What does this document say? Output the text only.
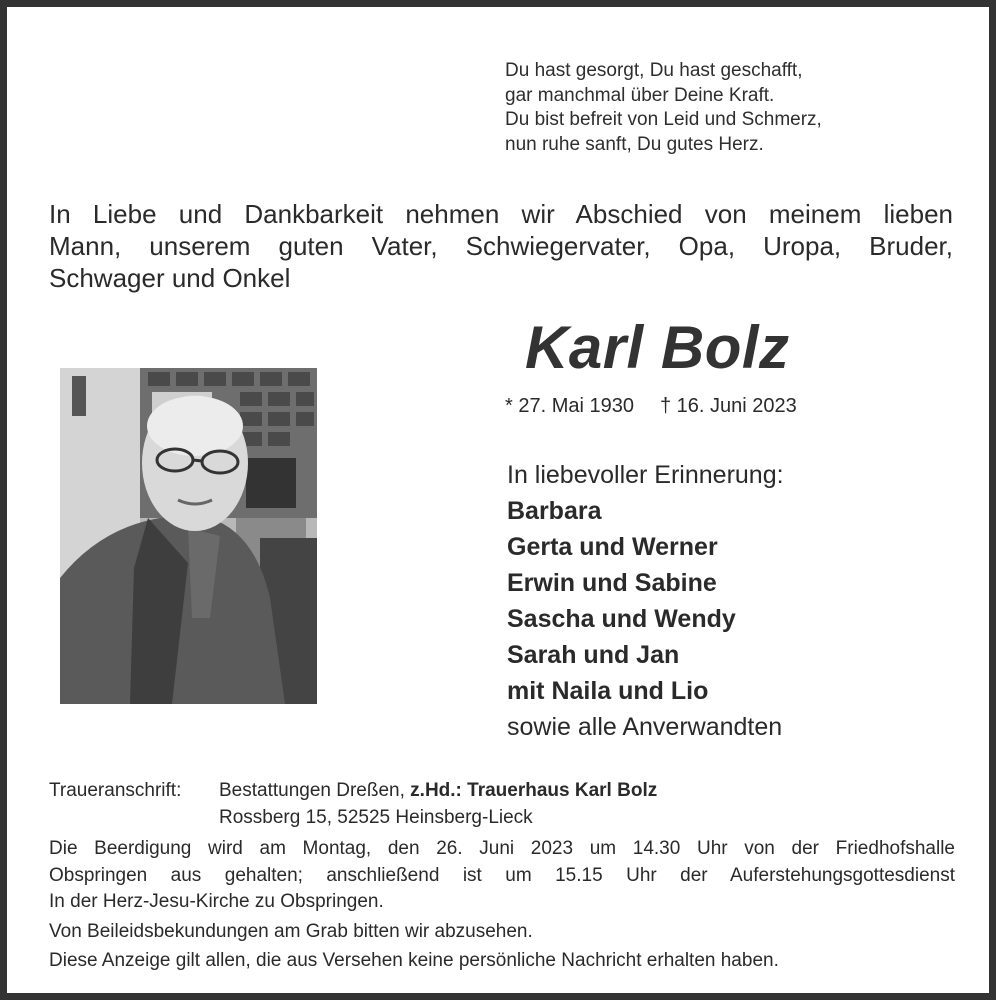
Du hast gesorgt, Du hast geschafft,
gar manchmal über Deine Kraft.
Du bist befreit von Leid und Schmerz,
nun ruhe sanft, Du gutes Herz.
In Liebe und Dankbarkeit nehmen wir Abschied von meinem lieben
Mann, unserem guten Vater, Schwiegervater, Opa, Uropa, Bruder,
Schwager und Onkel
Karl Bolz
* 27. Mai 1930 † 16. Juni 2023
In liebevoller Erinnerung:
Barbara
Gerta und Werner
Erwin und Sabine
Sascha und Wendy
Sarah und Jan
mit Naila und Lio
sowie alle Anverwandten
Traueranschrift: Bestattungen Dreßen, z.Hd.: Trauerhaus Karl Bolz
Rossberg 15, 52525 Heinsberg-Lieck
Die Beerdigung wird am Montag, den 26. Juni 2023 um 14.30 Uhr von der Friedhofshalle
Obspringen aus gehalten; anschließend ist um 15.15 Uhr der Auferstehungsgottesdienst
In der Herz-Jesu-Kirche zu Obspringen.
Von Beileidsbekundungen am Grab bitten wir abzusehen.
Diese Anzeige gilt allen, die aus Versehen keine persönliche Nachricht erhalten haben.
